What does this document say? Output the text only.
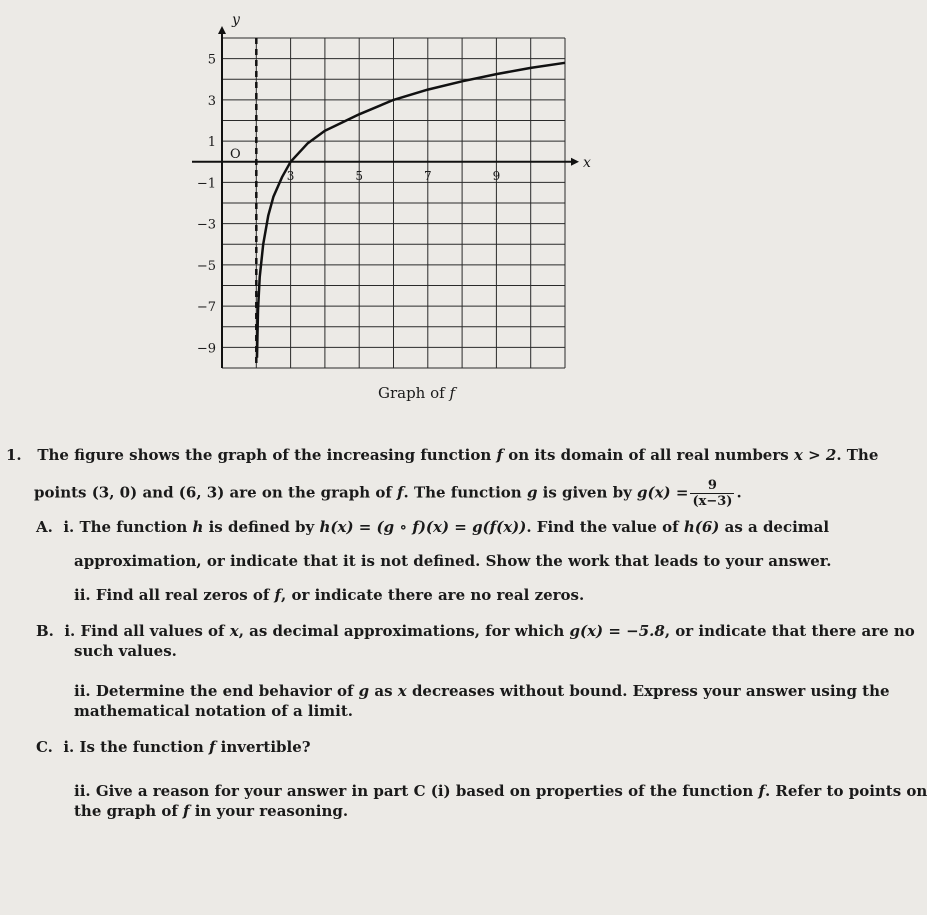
y
x
O
5
3
1
−1
−3
−5
−7
−9
3	5	7	9
Graph of f
1. The figure shows the graph of the increasing function f on its domain of all real numbers x > 2. The
points (3, 0) and (6, 3) are on the graph of f. The function g is given by $g(x) = \frac{9}{(x-3)}$ .
A. i. The function h is defined by h(x) = (g ∘ f)(x) = g(f(x)). Find the value of h(6) as a decimal
approximation, or indicate that it is not defined. Show the work that leads to your answer.
ii. Find all real zeros of f, or indicate there are no real zeros.
B. i. Find all values of x, as decimal approximations, for which g(x) = −5.8, or indicate that there are no
such values.
ii. Determine the end behavior of g as x decreases without bound. Express your answer using the
mathematical notation of a limit.
C. i. Is the function f invertible?
ii. Give a reason for your answer in part C (i) based on properties of the function f. Refer to points on
the graph of f in your reasoning.
